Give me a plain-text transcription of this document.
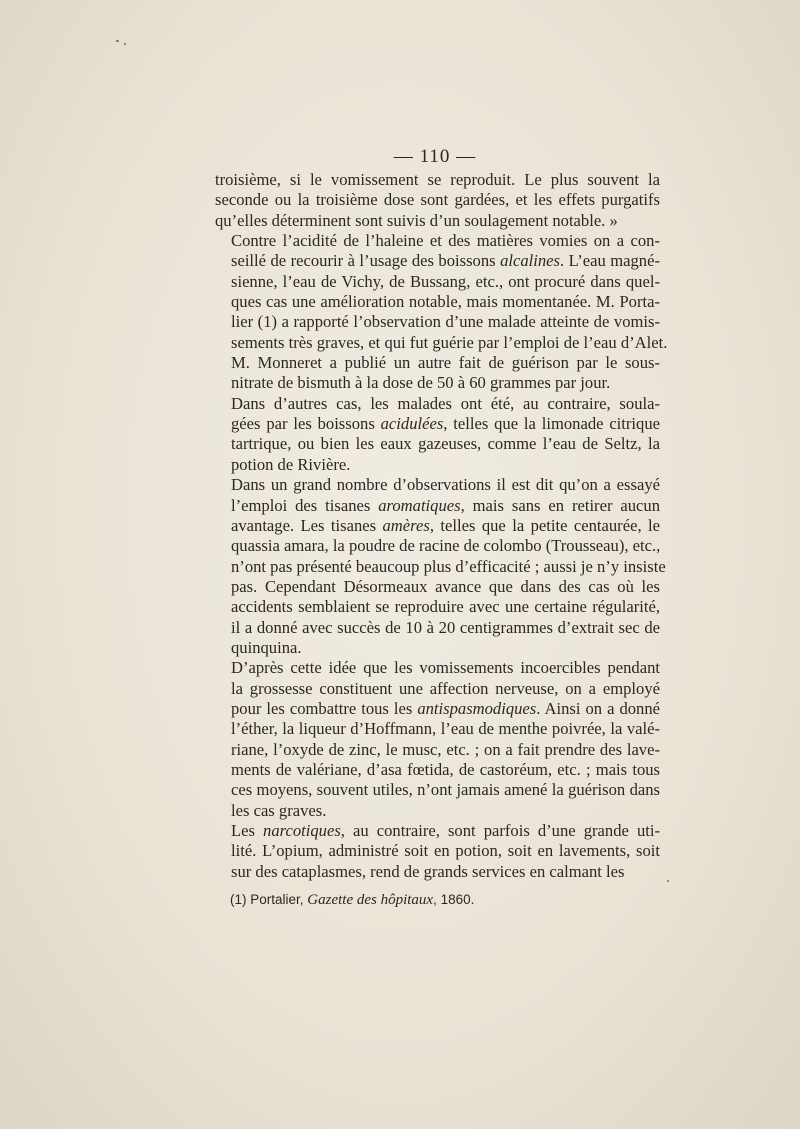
— 110 —
troisième, si le vomissement se reproduit. Le plus souvent la
seconde ou la troisième dose sont gardées, et les effets purgatifs
qu’elles déterminent sont suivis d’un soulagement notable. »
Contre l’acidité de l’haleine et des matières vomies on a con-
seillé de recourir à l’usage des boissons alcalines. L’eau magné-
sienne, l’eau de Vichy, de Bussang, etc., ont procuré dans quel-
ques cas une amélioration notable, mais momentanée. M. Porta-
lier (1) a rapporté l’observation d’une malade atteinte de vomis-
sements très graves, et qui fut guérie par l’emploi de l’eau d’Alet.
M. Monneret a publié un autre fait de guérison par le sous-
nitrate de bismuth à la dose de 50 à 60 grammes par jour.
Dans d’autres cas, les malades ont été, au contraire, soula-
gées par les boissons acidulées, telles que la limonade citrique
tartrique, ou bien les eaux gazeuses, comme l’eau de Seltz, la
potion de Rivière.
Dans un grand nombre d’observations il est dit qu’on a essayé
l’emploi des tisanes aromatiques, mais sans en retirer aucun
avantage. Les tisanes amères, telles que la petite centaurée, le
quassia amara, la poudre de racine de colombo (Trousseau), etc.,
n’ont pas présenté beaucoup plus d’efficacité ; aussi je n’y insiste
pas. Cependant Désormeaux avance que dans des cas où les
accidents semblaient se reproduire avec une certaine régularité,
il a donné avec succès de 10 à 20 centigrammes d’extrait sec de
quinquina.
D’après cette idée que les vomissements incoercibles pendant
la grossesse constituent une affection nerveuse, on a employé
pour les combattre tous les antispasmodiques. Ainsi on a donné
l’éther, la liqueur d’Hoffmann, l’eau de menthe poivrée, la valé-
riane, l’oxyde de zinc, le musc, etc. ; on a fait prendre des lave-
ments de valériane, d’asa fœtida, de castoréum, etc. ; mais tous
ces moyens, souvent utiles, n’ont jamais amené la guérison dans
les cas graves.
Les narcotiques, au contraire, sont parfois d’une grande uti-
lité. L’opium, administré soit en potion, soit en lavements, soit
sur des cataplasmes, rend de grands services en calmant les
(1) Portalier, Gazette des hôpitaux, 1860.
